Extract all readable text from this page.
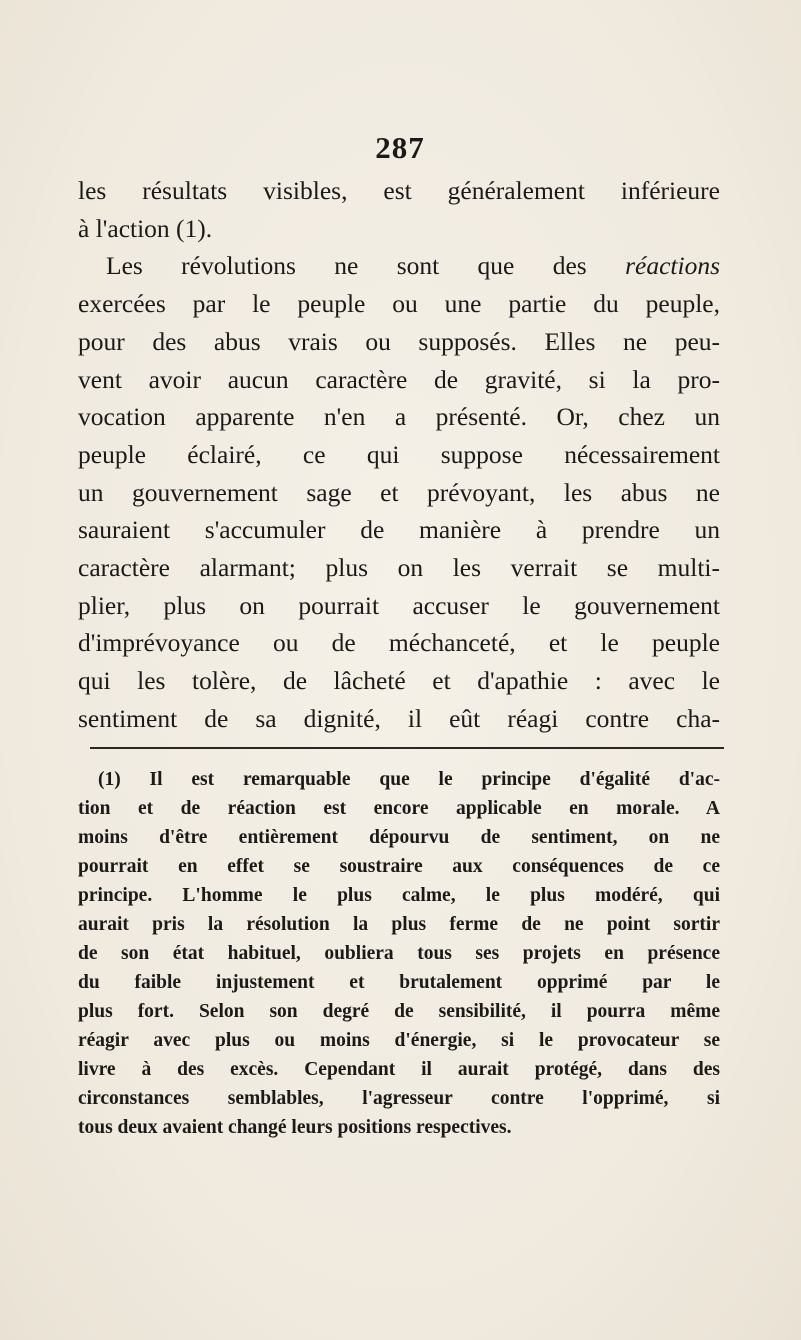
287
les résultats visibles, est généralement inférieure
à l'action (1).
Les révolutions ne sont que des réactions
exercées par le peuple ou une partie du peuple,
pour des abus vrais ou supposés. Elles ne peu-
vent avoir aucun caractère de gravité, si la pro-
vocation apparente n'en a présenté. Or, chez un
peuple éclairé, ce qui suppose nécessairement
un gouvernement sage et prévoyant, les abus ne
sauraient s'accumuler de manière à prendre un
caractère alarmant; plus on les verrait se multi-
plier, plus on pourrait accuser le gouvernement
d'imprévoyance ou de méchanceté, et le peuple
qui les tolère, de lâcheté et d'apathie : avec le
sentiment de sa dignité, il eût réagi contre cha-
(1) Il est remarquable que le principe d'égalité d'ac-
tion et de réaction est encore applicable en morale. A
moins d'être entièrement dépourvu de sentiment, on ne
pourrait en effet se soustraire aux conséquences de ce
principe. L'homme le plus calme, le plus modéré, qui
aurait pris la résolution la plus ferme de ne point sortir
de son état habituel, oubliera tous ses projets en présence
du faible injustement et brutalement opprimé par le
plus fort. Selon son degré de sensibilité, il pourra même
réagir avec plus ou moins d'énergie, si le provocateur se
livre à des excès. Cependant il aurait protégé, dans des
circonstances semblables, l'agresseur contre l'opprimé, si
tous deux avaient changé leurs positions respectives.
